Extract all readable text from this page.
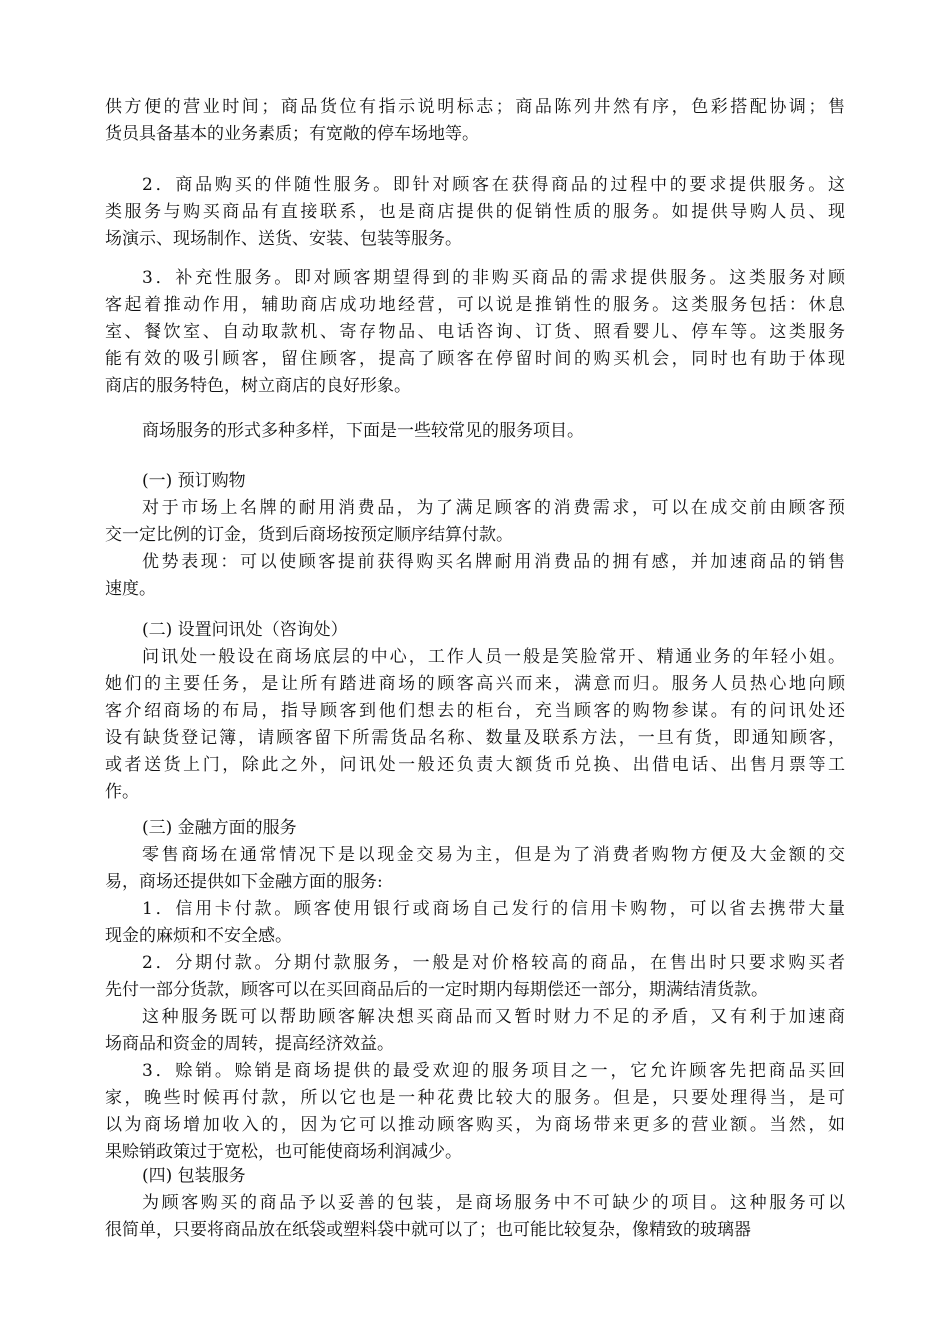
供方便的营业时间；商品货位有指示说明标志；商品陈列井然有序，色彩搭配协调；售
货员具备基本的业务素质；有宽敞的停车场地等。
2．商品购买的伴随性服务。即针对顾客在获得商品的过程中的要求提供服务。这
类服务与购买商品有直接联系，也是商店提供的促销性质的服务。如提供导购人员、现
场演示、现场制作、送货、安装、包装等服务。
3．补充性服务。即对顾客期望得到的非购买商品的需求提供服务。这类服务对顾
客起着推动作用，辅助商店成功地经营，可以说是推销性的服务。这类服务包括：休息
室、餐饮室、自动取款机、寄存物品、电话咨询、订货、照看婴儿、停车等。这类服务
能有效的吸引顾客，留住顾客，提高了顾客在停留时间的购买机会，同时也有助于体现
商店的服务特色，树立商店的良好形象。
商场服务的形式多种多样，下面是一些较常见的服务项目。
(一) 预订购物
对于市场上名牌的耐用消费品，为了满足顾客的消费需求，可以在成交前由顾客预
交一定比例的订金，货到后商场按预定顺序结算付款。
优势表现：可以使顾客提前获得购买名牌耐用消费品的拥有感，并加速商品的销售
速度。
(二) 设置问讯处（咨询处）
问讯处一般设在商场底层的中心，工作人员一般是笑脸常开、精通业务的年轻小姐。
她们的主要任务，是让所有踏进商场的顾客高兴而来，满意而归。服务人员热心地向顾
客介绍商场的布局，指导顾客到他们想去的柜台，充当顾客的购物参谋。有的问讯处还
设有缺货登记簿，请顾客留下所需货品名称、数量及联系方法，一旦有货，即通知顾客，
或者送货上门，除此之外，问讯处一般还负责大额货币兑换、出借电话、出售月票等工
作。
(三) 金融方面的服务
零售商场在通常情况下是以现金交易为主，但是为了消费者购物方便及大金额的交
易，商场还提供如下金融方面的服务:
1．信用卡付款。顾客使用银行或商场自己发行的信用卡购物，可以省去携带大量
现金的麻烦和不安全感。
2．分期付款。分期付款服务，一般是对价格较高的商品，在售出时只要求购买者
先付一部分货款，顾客可以在买回商品后的一定时期内每期偿还一部分，期满结清货款。
这种服务既可以帮助顾客解决想买商品而又暂时财力不足的矛盾，又有利于加速商
场商品和资金的周转，提高经济效益。
3．赊销。赊销是商场提供的最受欢迎的服务项目之一，它允许顾客先把商品买回
家，晚些时候再付款，所以它也是一种花费比较大的服务。但是，只要处理得当，是可
以为商场增加收入的，因为它可以推动顾客购买，为商场带来更多的营业额。当然，如
果赊销政策过于宽松，也可能使商场利润减少。
(四) 包装服务
为顾客购买的商品予以妥善的包装，是商场服务中不可缺少的项目。这种服务可以
很简单，只要将商品放在纸袋或塑料袋中就可以了；也可能比较复杂，像精致的玻璃器
